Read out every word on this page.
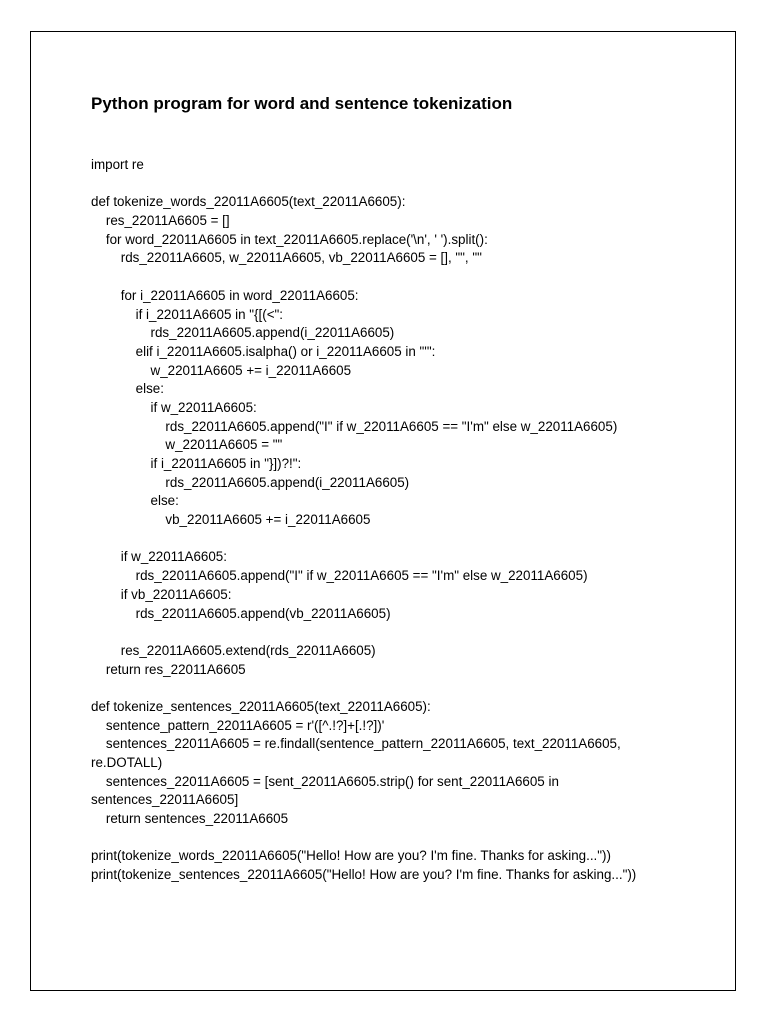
Python program for word and sentence tokenization
import re
def tokenize_words_22011A6605(text_22011A6605):
res_22011A6605 = []
for word_22011A6605 in text_22011A6605.replace('\n', ' ').split():
rds_22011A6605, w_22011A6605, vb_22011A6605 = [], "", ""
for i_22011A6605 in word_22011A6605:
if i_22011A6605 in "{[(<":
rds_22011A6605.append(i_22011A6605)
elif i_22011A6605.isalpha() or i_22011A6605 in "'":
w_22011A6605 += i_22011A6605
else:
if w_22011A6605:
rds_22011A6605.append("I" if w_22011A6605 == "I'm" else w_22011A6605)
w_22011A6605 = ""
if i_22011A6605 in "}])?!":
rds_22011A6605.append(i_22011A6605)
else:
vb_22011A6605 += i_22011A6605
if w_22011A6605:
rds_22011A6605.append("I" if w_22011A6605 == "I'm" else w_22011A6605)
if vb_22011A6605:
rds_22011A6605.append(vb_22011A6605)
res_22011A6605.extend(rds_22011A6605)
return res_22011A6605
def tokenize_sentences_22011A6605(text_22011A6605):
sentence_pattern_22011A6605 = r'([^.!?]+[.!?])'
sentences_22011A6605 = re.findall(sentence_pattern_22011A6605, text_22011A6605,
re.DOTALL)
sentences_22011A6605 = [sent_22011A6605.strip() for sent_22011A6605 in
sentences_22011A6605]
return sentences_22011A6605
print(tokenize_words_22011A6605("Hello! How are you? I'm fine. Thanks for asking..."))
print(tokenize_sentences_22011A6605("Hello! How are you? I'm fine. Thanks for asking..."))
